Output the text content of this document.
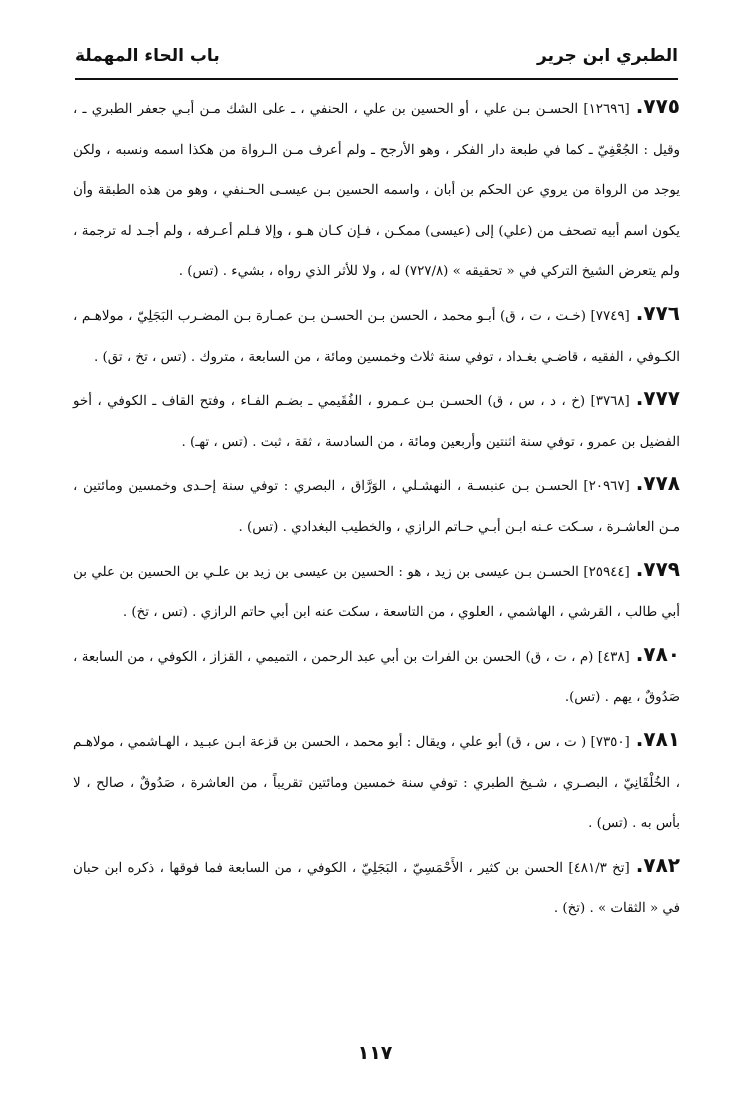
الطبري ابن جرير
باب الحاء المهملة

٧٧٥.[١٢٦٩٦] الحسـن بـن علي ، أو الحسين بن علي ، الحنفي ، ـ على الشك مـن أبـي جعفر الطبري ـ ، وقيل : الجُعْفِيّ ـ كما في طبعة دار الفكر ، وهو الأرجح ـ ولم أعرف مـن الـرواة من هكذا اسمه ونسبه ، ولكن يوجد من الرواة من يروي عن الحكم بن أبان ، واسمه الحسين بـن عيسـى الحـنفي ، وهو من هذه الطبقة وأن يكون اسم أبيه تصحف من (علي) إلى (عيسى) ممكـن ، فـإن كـان هـو ، وإلا فـلم أعـرفه ، ولم أجـد له ترجمة ، ولم يتعرض الشيخ التركي في « تحقيقه » (٧٢٧/٨) له ، ولا للأثر الذي رواه ، بشيء . (تس) .

٧٧٦.[٧٧٤٩] (خـت ، ت ، ق) أبـو محمد ، الحسن بـن الحسـن بـن عمـارة بـن المضـرب البَجَلِيّ ، مولاهـم ، الكـوفي ، الفقيه ، قاضـي بغـداد ، توفي سنة ثلاث وخمسين ومائة ، من السابعة ، متروك . (تس ، تخ ، تق) .

٧٧٧.[٣٧٦٨] (خ ، د ، س ، ق) الحسـن بـن عـمرو ، الفُقَيمي ـ بضـم الفـاء ، وفتح القاف ـ الكوفي ، أخو الفضيل بن عمرو ، توفي سنة اثنتين وأربعين ومائة ، من السادسة ، ثقة ، ثبت . (تس ، تهـ) .

٧٧٨.[٢٠٩٦٧] الحسـن بـن عنبسـة ، النهشـلي ، الوَرَّاق ، البصري : توفي سنة إحـدى وخمسين ومائتين ، مـن العاشـرة ، سـكت عـنه ابـن أبـي حـاتم الرازي ، والخطيب البغدادي . (تس) .

٧٧٩.[٢٥٩٤٤] الحسـن بـن عيسى بن زيد ، هو : الحسين بن عيسى بن زيد بن علـي بن الحسين بن علي بن أبي طالب ، القرشي ، الهاشمي ، العلوي ، من التاسعة ، سكت عنه ابن أبي حاتم الرازي . (تس ، تخ) .

٧٨٠.[٤٣٨] (م ، ت ، ق) الحسن بن الفرات بن أبي عبد الرحمن ، التميمي ، القزاز ، الكوفي ، من السابعة ، صَدُوقٌ ، يهم . (تس).

٧٨١.[٧٣٥٠] ( ت ، س ، ق) أبو علي ، ويقال : أبو محمد ، الحسن بن قزعة ابـن عبـيد ، الهـاشمي ، مولاهـم ، الخُلْقَانِيّ ، البصـري ، شـيخ الطبري : توفي سنة خمسين ومائتين تقريباً ، من العاشرة ، صَدُوقٌ ، صالح ، لا بأس به . (تس) .

٧٨٢.[تخ ٤٨١/٣] الحسن بن كثير ، الأَحْمَسِيّ ، البَجَلِيّ ، الكوفي ، من السابعة فما فوقها ، ذكره ابن حبان في « الثقات » . (تخ) .

١١٧
